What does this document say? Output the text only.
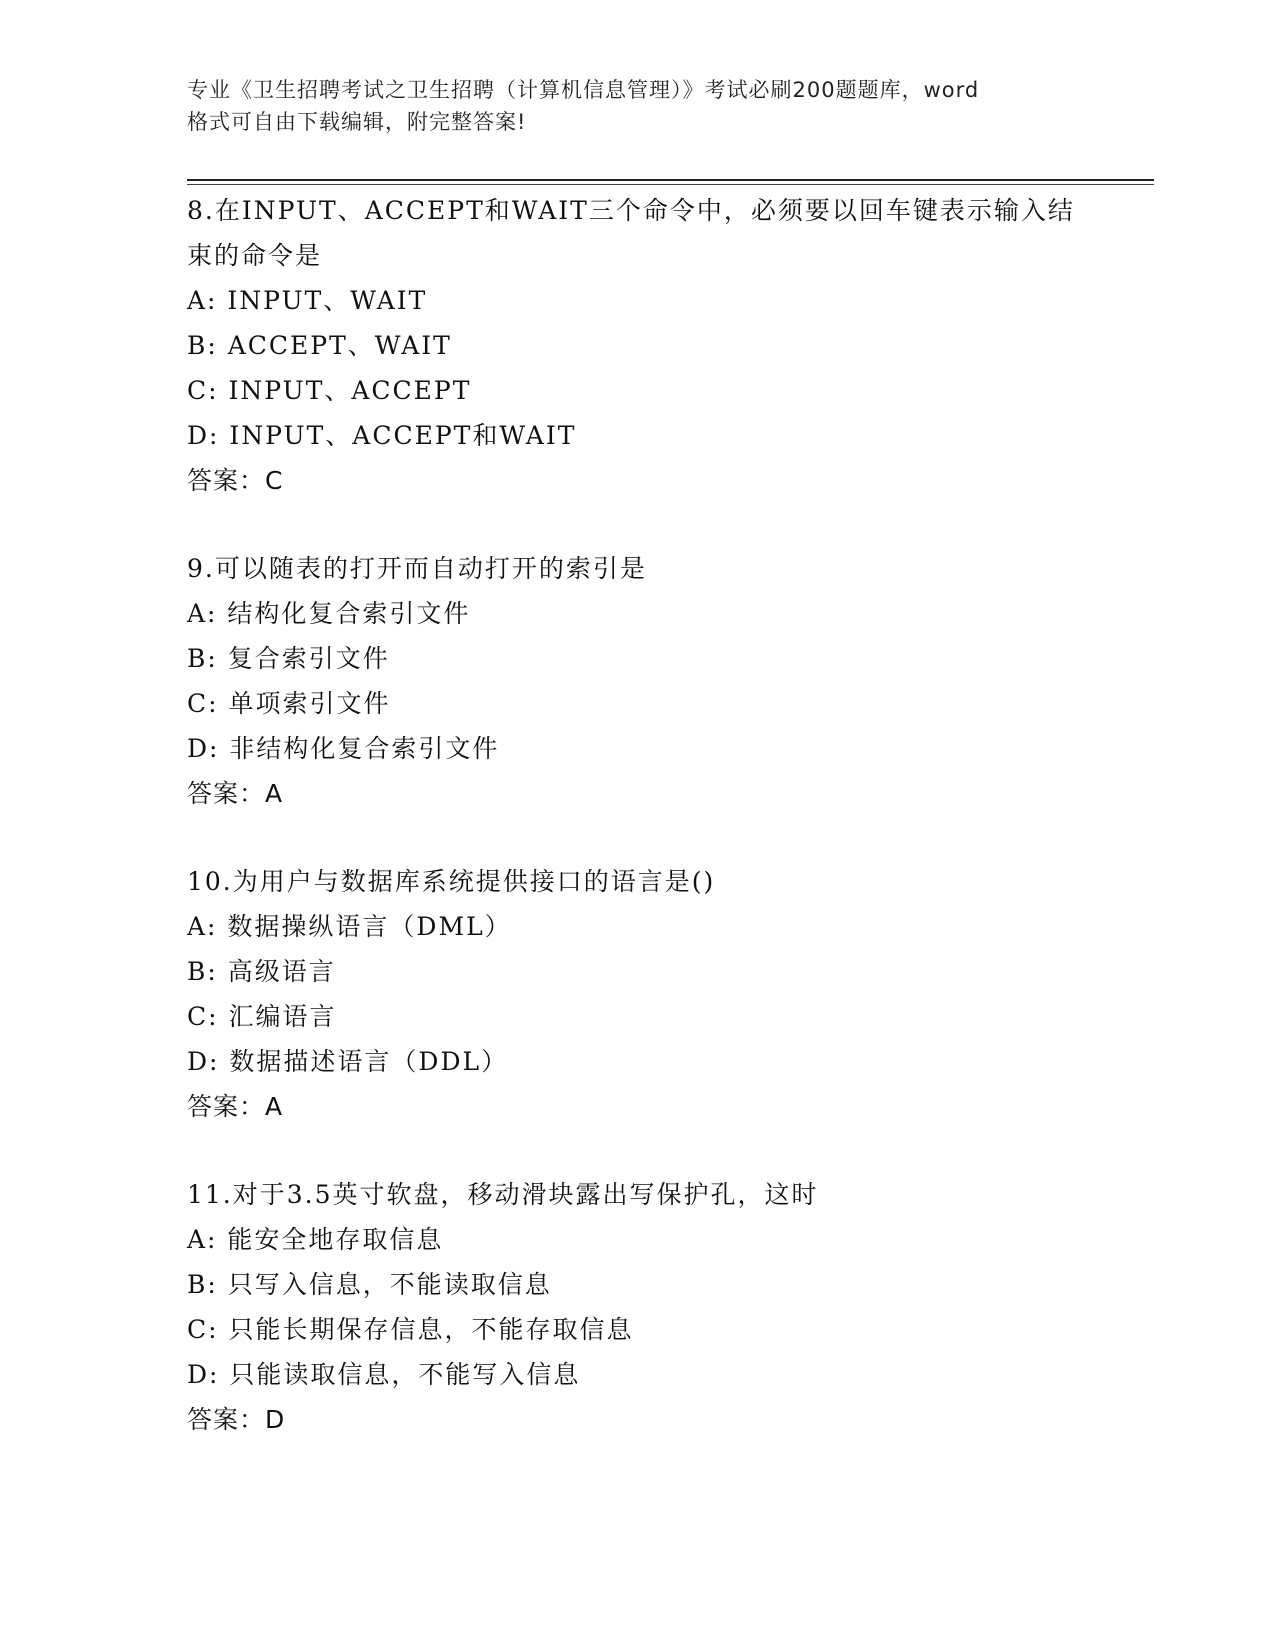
专业《卫生招聘考试之卫生招聘（计算机信息管理）》考试必刷200题题库，word
格式可自由下载编辑，附完整答案!

8.在INPUT、ACCEPT和WAIT三个命令中，必须要以回车键表示输入结

束的命令是

A: INPUT、WAIT

B: ACCEPT、WAIT

C: INPUT、ACCEPT

D: INPUT、ACCEPT和WAIT

答案：C

9.可以随表的打开而自动打开的索引是

A: 结构化复合索引文件

B: 复合索引文件

C: 单项索引文件

D: 非结构化复合索引文件

答案：A

10.为用户与数据库系统提供接口的语言是()

A: 数据操纵语言（DML）

B: 高级语言

C: 汇编语言

D: 数据描述语言（DDL）

答案：A

11.对于3.5英寸软盘，移动滑块露出写保护孔，这时

A: 能安全地存取信息

B: 只写入信息，不能读取信息

C: 只能长期保存信息，不能存取信息

D: 只能读取信息，不能写入信息

答案：D
